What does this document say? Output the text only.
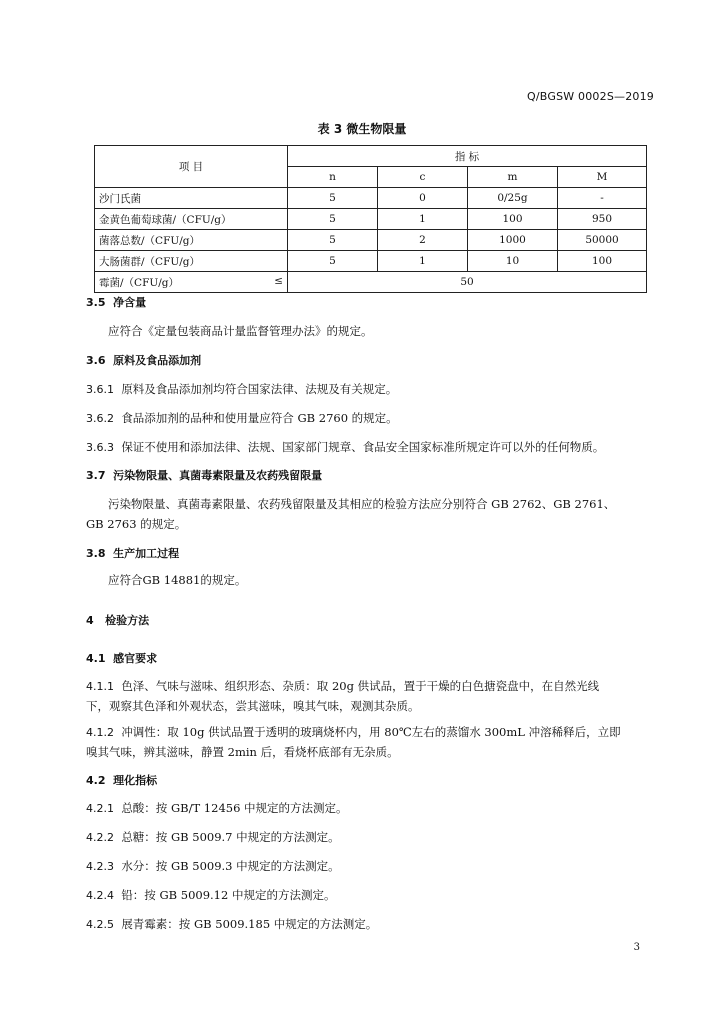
Q/BGSW 0002S—2019
表 3 微生物限量
项 目	指 标			
	n	c	m	M
沙门氏菌	5	0	0/25g	-
金黄色葡萄球菌/（CFU/g）	5	1	100	950
菌落总数/（CFU/g）	5	2	1000	50000
大肠菌群/（CFU/g）	5	1	10	100
霉菌/（CFU/g） ≤	50			
3.5 净含量
应符合《定量包装商品计量监督管理办法》的规定。
3.6 原料及食品添加剂
3.6.1 原料及食品添加剂均符合国家法律、法规及有关规定。
3.6.2 食品添加剂的品种和使用量应符合 GB 2760 的规定。
3.6.3 保证不使用和添加法律、法规、国家部门规章、食品安全国家标准所规定许可以外的任何物质。
3.7 污染物限量、真菌毒素限量及农药残留限量
污染物限量、真菌毒素限量、农药残留限量及其相应的检验方法应分别符合 GB 2762、GB 2761、
GB 2763 的规定。
3.8 生产加工过程
应符合GB 14881的规定。
4 检验方法
4.1 感官要求
4.1.1 色泽、气味与滋味、组织形态、杂质：取 20g 供试品，置于干燥的白色搪瓷盘中，在自然光线
下，观察其色泽和外观状态，尝其滋味，嗅其气味，观测其杂质。
4.1.2 冲调性：取 10g 供试品置于透明的玻璃烧杯内，用 80℃左右的蒸馏水 300mL 冲溶稀释后，立即
嗅其气味，辨其滋味，静置 2min 后，看烧杯底部有无杂质。
4.2 理化指标
4.2.1 总酸：按 GB/T 12456 中规定的方法测定。
4.2.2 总糖：按 GB 5009.7 中规定的方法测定。
4.2.3 水分：按 GB 5009.3 中规定的方法测定。
4.2.4 铅：按 GB 5009.12 中规定的方法测定。
4.2.5 展青霉素：按 GB 5009.185 中规定的方法测定。
3
